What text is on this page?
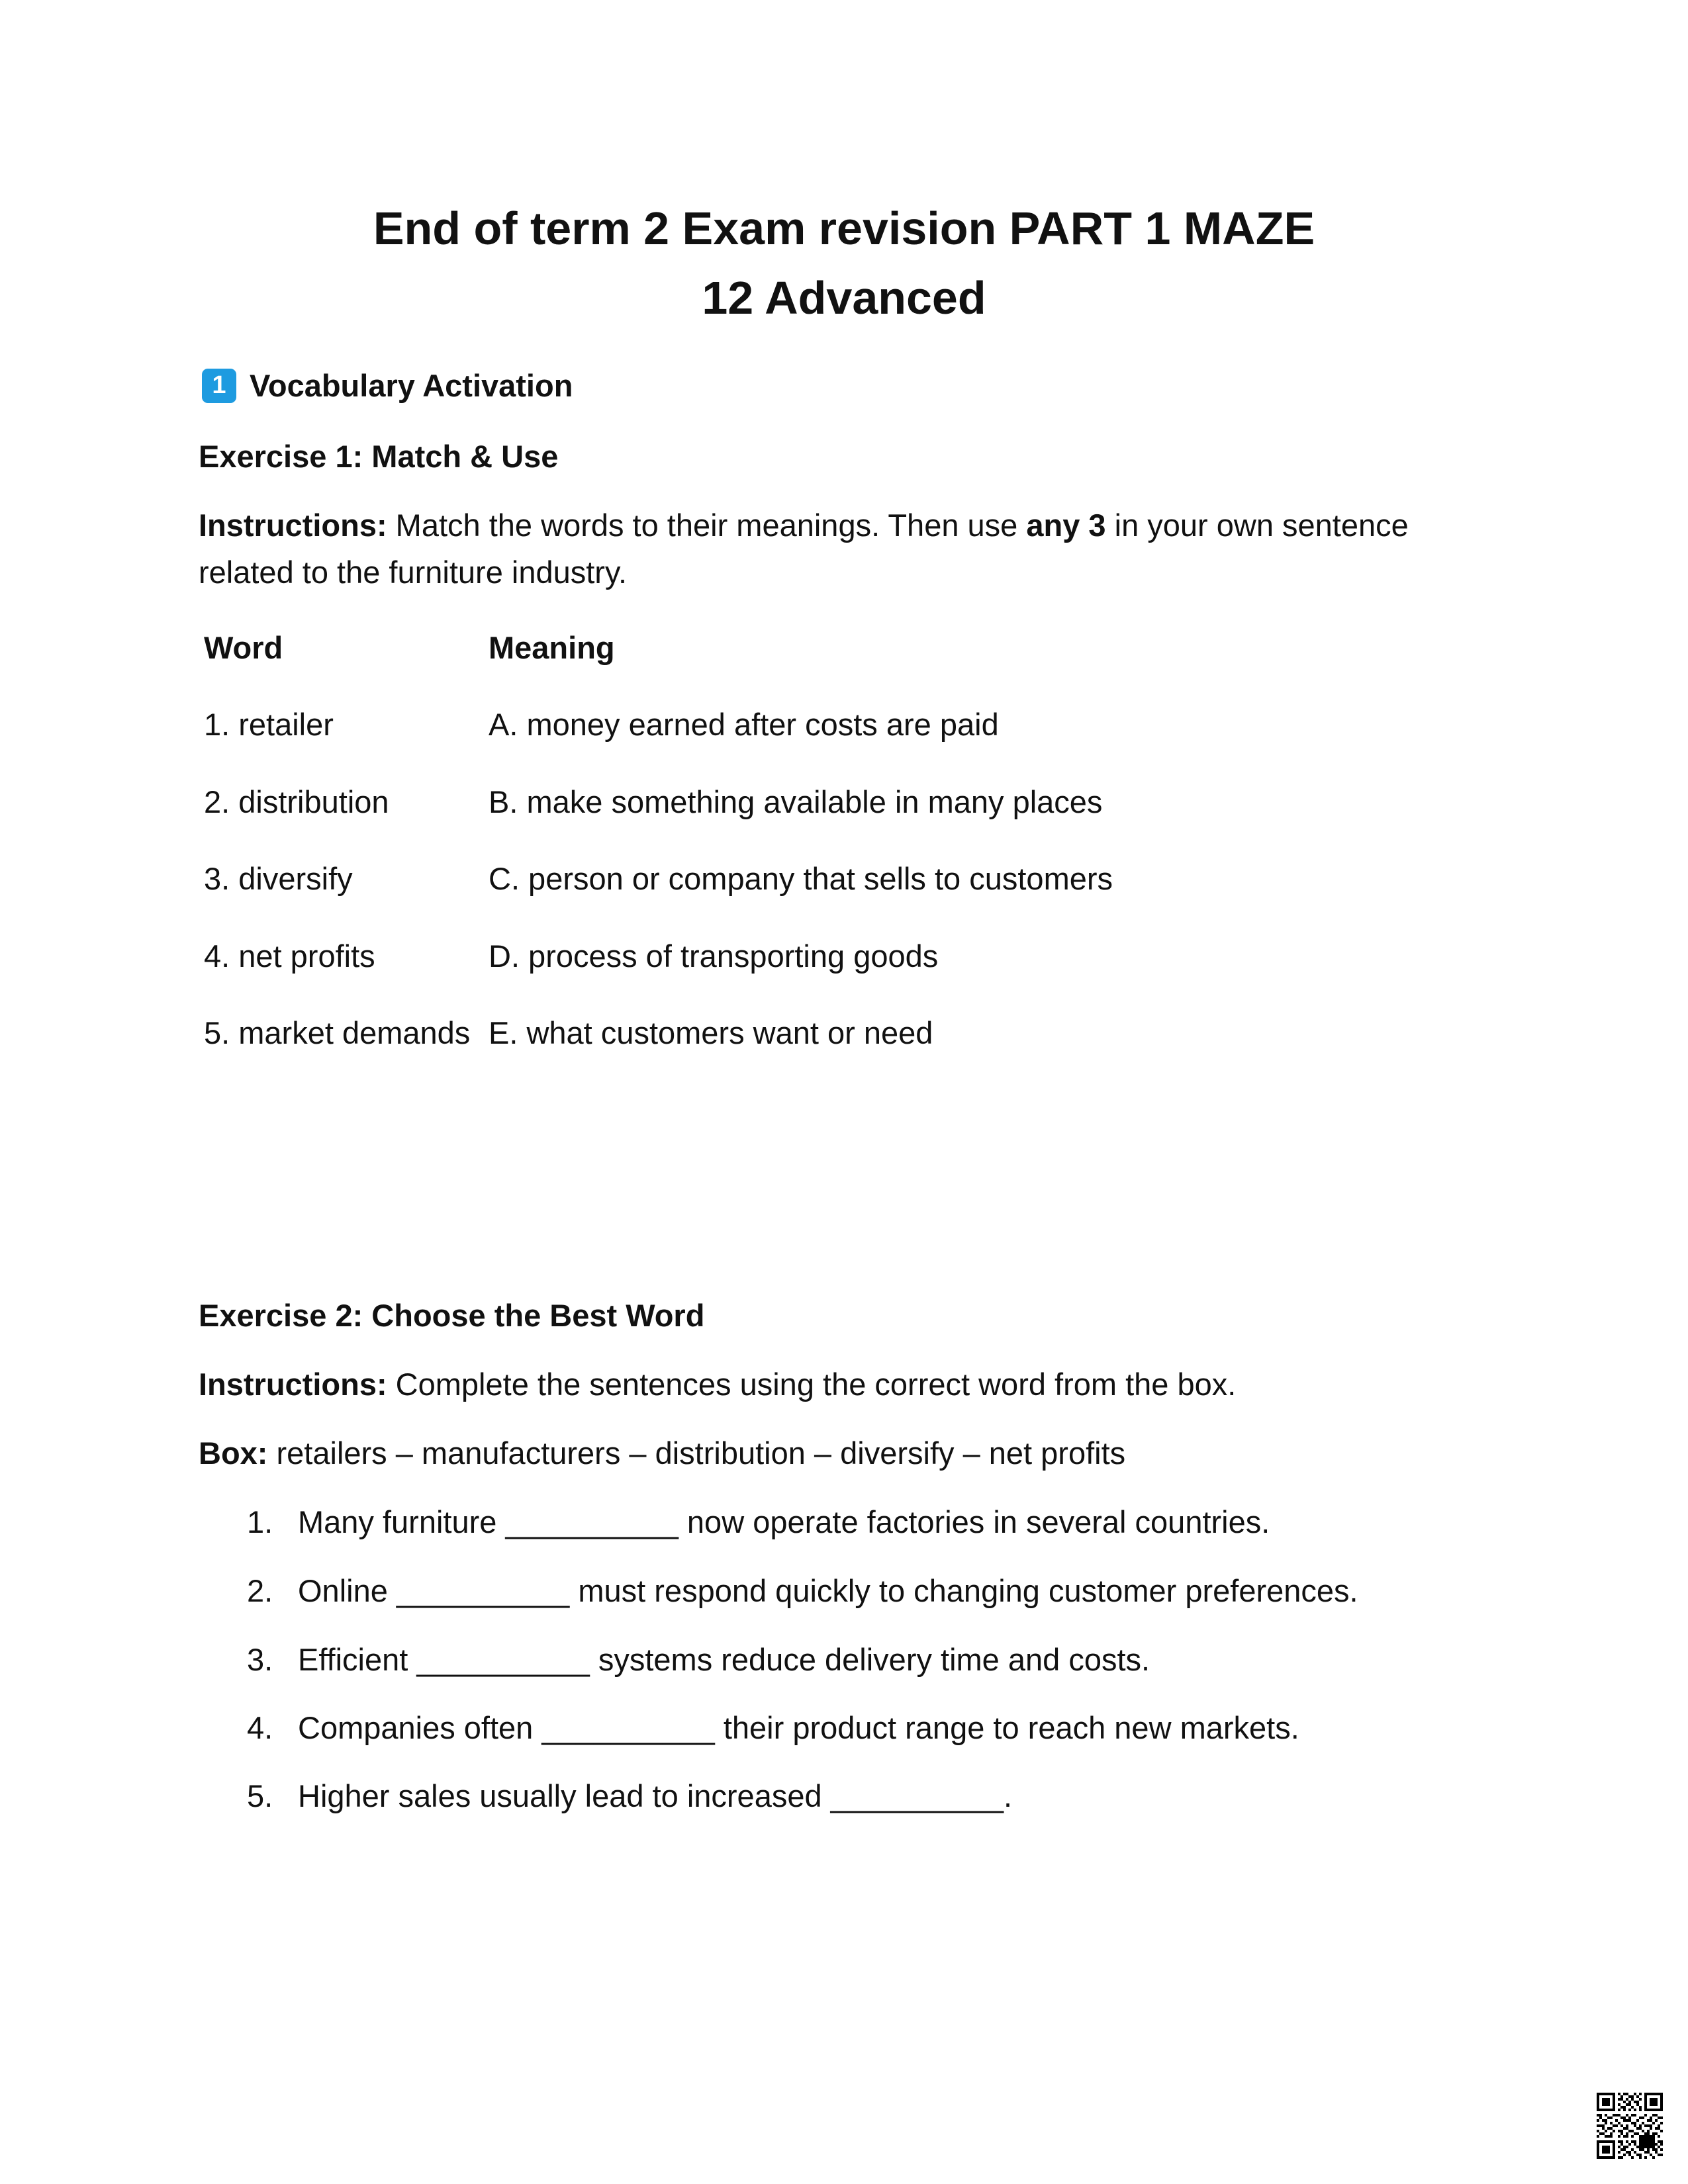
End of term 2 Exam revision PART 1 MAZE
12 Advanced
1 Vocabulary Activation
Exercise 1: Match & Use
Instructions: Match the words to their meanings. Then use any 3 in your own sentence
related to the furniture industry.
Word	Meaning
1. retailer	A. money earned after costs are paid
2. distribution	B. make something available in many places
3. diversify	C. person or company that sells to customers
4. net profits	D. process of transporting goods
5. market demands E. what customers want or need
Exercise 2: Choose the Best Word
Instructions: Complete the sentences using the correct word from the box.
Box: retailers – manufacturers – distribution – diversify – net profits
1. Many furniture __________ now operate factories in several countries.
2. Online __________ must respond quickly to changing customer preferences.
3. Efficient __________ systems reduce delivery time and costs.
4. Companies often __________ their product range to reach new markets.
5. Higher sales usually lead to increased __________.
